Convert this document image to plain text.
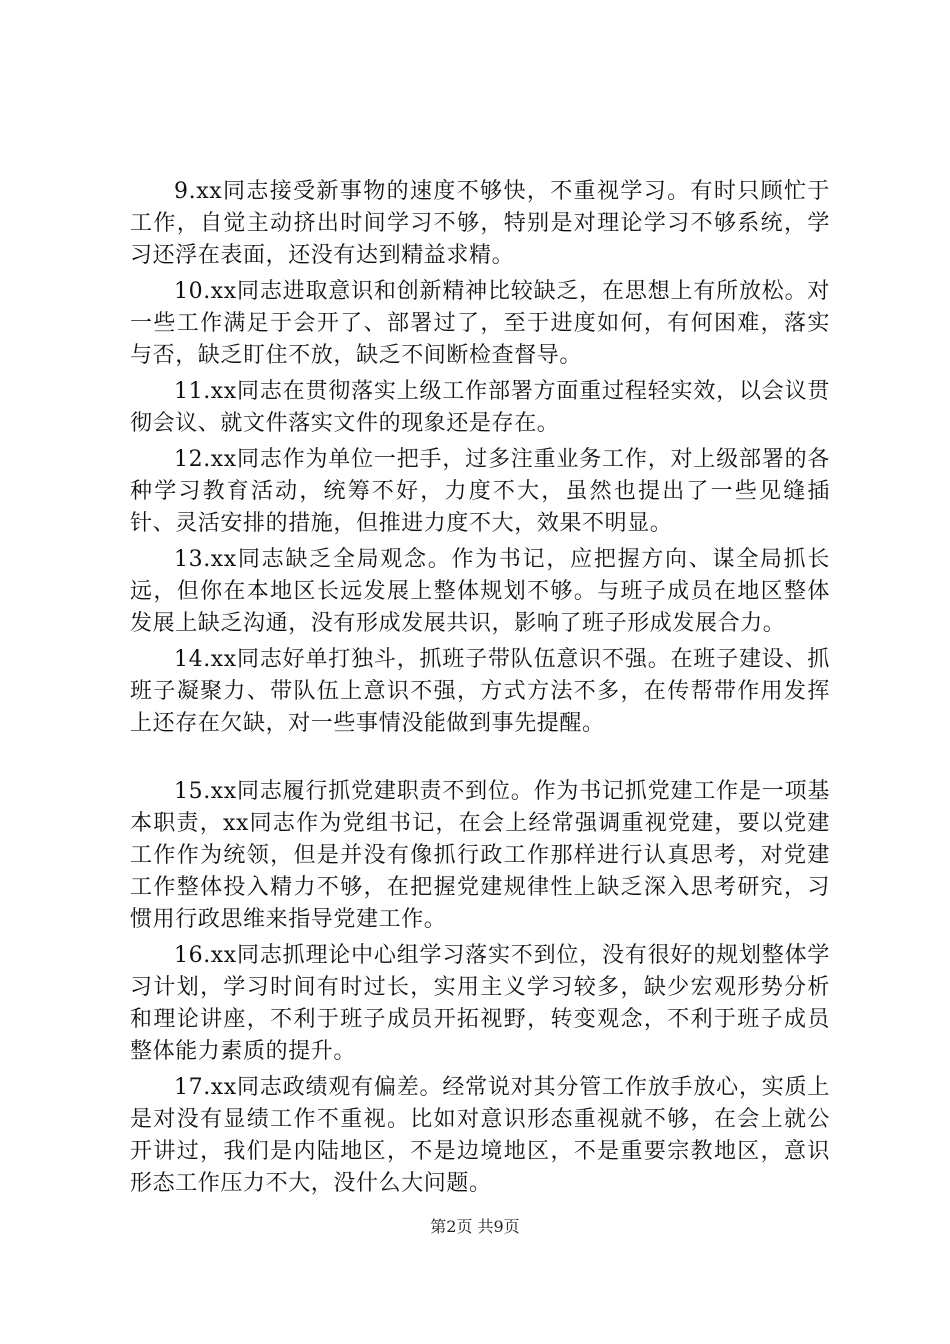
9.xx同志接受新事物的速度不够快，不重视学习。有时只顾忙于工作，自觉主动挤出时间学习不够，特别是对理论学习不够系统，学习还浮在表面，还没有达到精益求精。

10.xx同志进取意识和创新精神比较缺乏，在思想上有所放松。对一些工作满足于会开了、部署过了，至于进度如何，有何困难，落实与否，缺乏盯住不放，缺乏不间断检查督导。

11.xx同志在贯彻落实上级工作部署方面重过程轻实效，以会议贯彻会议、就文件落实文件的现象还是存在。

12.xx同志作为单位一把手，过多注重业务工作，对上级部署的各种学习教育活动，统筹不好，力度不大，虽然也提出了一些见缝插针、灵活安排的措施，但推进力度不大，效果不明显。

13.xx同志缺乏全局观念。作为书记，应把握方向、谋全局抓长远，但你在本地区长远发展上整体规划不够。与班子成员在地区整体发展上缺乏沟通，没有形成发展共识，影响了班子形成发展合力。

14.xx同志好单打独斗，抓班子带队伍意识不强。在班子建设、抓班子凝聚力、带队伍上意识不强，方式方法不多，在传帮带作用发挥上还存在欠缺，对一些事情没能做到事先提醒。

15.xx同志履行抓党建职责不到位。作为书记抓党建工作是一项基本职责，xx同志作为党组书记，在会上经常强调重视党建，要以党建工作作为统领，但是并没有像抓行政工作那样进行认真思考，对党建工作整体投入精力不够，在把握党建规律性上缺乏深入思考研究，习惯用行政思维来指导党建工作。

16.xx同志抓理论中心组学习落实不到位，没有很好的规划整体学习计划，学习时间有时过长，实用主义学习较多，缺少宏观形势分析和理论讲座，不利于班子成员开拓视野，转变观念，不利于班子成员整体能力素质的提升。

17.xx同志政绩观有偏差。经常说对其分管工作放手放心，实质上是对没有显绩工作不重视。比如对意识形态重视就不够，在会上就公开讲过，我们是内陆地区，不是边境地区，不是重要宗教地区，意识形态工作压力不大，没什么大问题。

第2页 共9页
